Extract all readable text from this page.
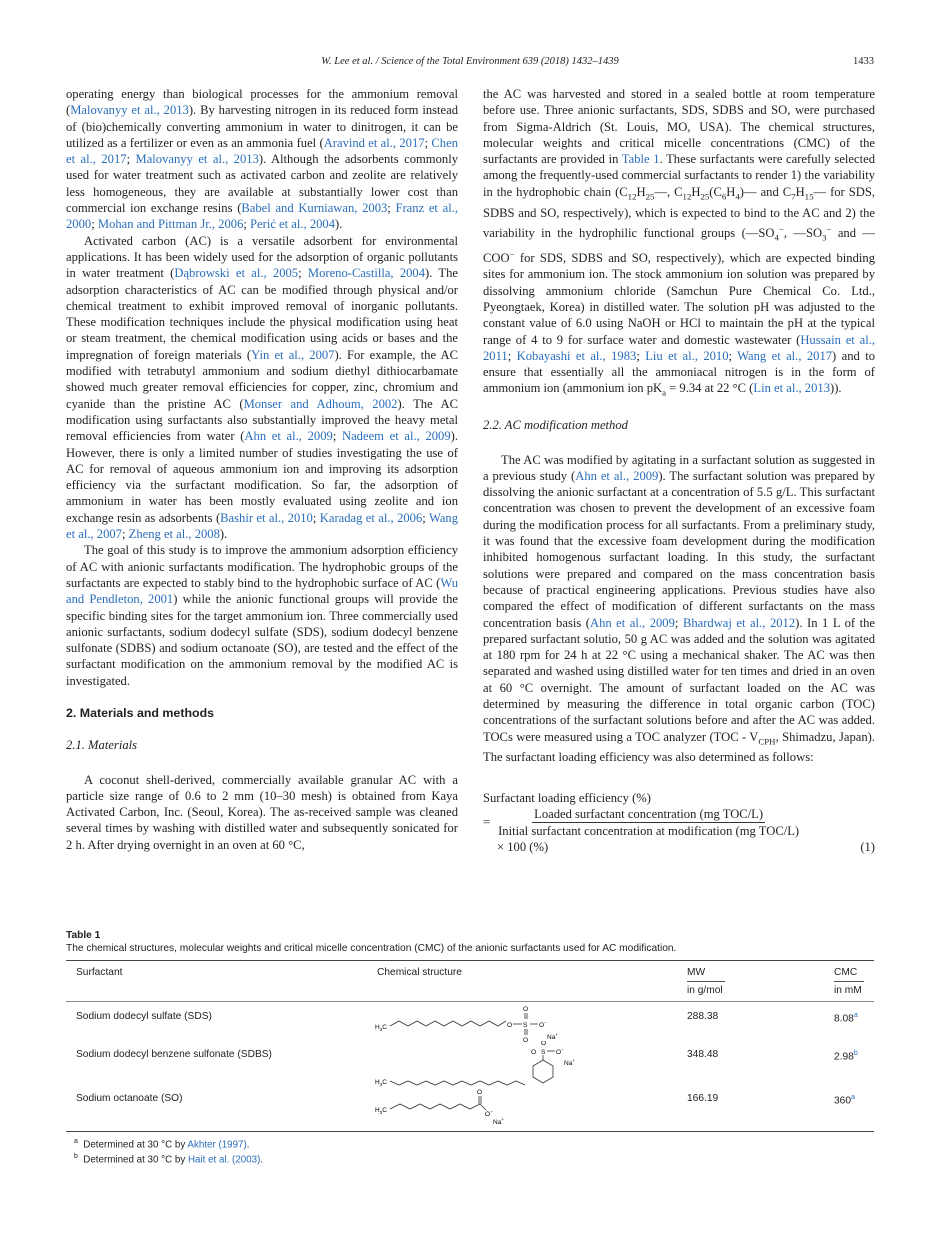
W. Lee et al. / Science of the Total Environment 639 (2018) 1432–1439	1433

operating energy than biological processes for the ammonium removal (Malovanyy et al., 2013). By harvesting nitrogen in its reduced form instead of (bio)chemically converting ammonium in water to dinitrogen, it can be utilized as a fertilizer or even as an ammonia fuel (Aravind et al., 2017; Chen et al., 2017; Malovanyy et al., 2013). Although the adsorbents commonly used for water treatment such as activated carbon and zeolite are relatively less homogeneous, they are available at substantially lower cost than commercial ion exchange resins (Babel and Kurniawan, 2003; Franz et al., 2000; Mohan and Pittman Jr., 2006; Perić et al., 2004).

Activated carbon (AC) is a versatile adsorbent for environmental applications. It has been widely used for the adsorption of organic pollutants in water treatment (Dąbrowski et al., 2005; Moreno-Castilla, 2004). The adsorption characteristics of AC can be modified through physical and/or chemical treatment to exhibit improved removal of inorganic pollutants. These modification techniques include the physical modification using heat or steam treatment, the chemical modification using acids or bases and the impregnation of foreign materials (Yin et al., 2007). For example, the AC modified with tetrabutyl ammonium and sodium diethyl dithiocarbamate showed much greater removal efficiencies for copper, zinc, chromium and cyanide than the pristine AC (Monser and Adhoum, 2002). The AC modification using surfactants also substantially improved the heavy metal removal efficiencies from water (Ahn et al., 2009; Nadeem et al., 2009). However, there is only a limited number of studies investigating the use of AC for removal of aqueous ammonium ion and improving its adsorption efficiency via the surfactant modification. So far, the adsorption of ammonium in water has been mostly evaluated using zeolite and ion exchange resin as adsorbents (Bashir et al., 2010; Karadag et al., 2006; Wang et al., 2007; Zheng et al., 2008).

The goal of this study is to improve the ammonium adsorption efficiency of AC with anionic surfactants modification. The hydrophobic groups of the surfactants are expected to stably bind to the hydrophobic surface of AC (Wu and Pendleton, 2001) while the anionic functional groups will provide the specific binding sites for the target ammonium ion. Three commercially used anionic surfactants, sodium dodecyl sulfate (SDS), sodium dodecyl benzene sulfonate (SDBS) and sodium octanoate (SO), are tested and the effect of the surfactant modification on the ammonium removal by the modified AC is investigated.

2. Materials and methods
2.1. Materials

A coconut shell-derived, commercially available granular AC with a particle size range of 0.6 to 2 mm (10–30 mesh) is obtained from Kaya Activated Carbon, Inc. (Seoul, Korea). The as-received sample was cleaned several times by washing with distilled water and subsequently sonicated for 2 h. After drying overnight in an oven at 60 °C,

the AC was harvested and stored in a sealed bottle at room temperature before use. Three anionic surfactants, SDS, SDBS and SO, were purchased from Sigma-Aldrich (St. Louis, MO, USA). The chemical structures, molecular weights and critical micelle concentrations (CMC) of the surfactants are provided in Table 1. These surfactants were carefully selected among the frequently-used commercial surfactants to render 1) the variability in the hydrophobic chain ($C_{12}H_{25}—$, $C_{12}H_{25}(C_6H_4)—$ and $C_7H_{15}—$ for SDS, SDBS and SO, respectively), which is expected to bind to the AC and 2) the variability in the hydrophilic functional groups ($—SO_4^-$, $—SO_3^-$ and —COO− for SDS, SDBS and SO, respectively), which are expected binding sites for ammonium ion. The stock ammonium ion solution was prepared by dissolving ammonium chloride (Samchun Pure Chemical Co. Ltd., Pyeongtaek, Korea) in distilled water. The solution pH was adjusted to the constant value of 6.0 using NaOH or HCl to maintain the pH at the typical range of 4 to 9 for surface water and domestic wastewater (Hussain et al., 2011; Kobayashi et al., 1983; Liu et al., 2010; Wang et al., 2017) and to ensure that essentially all the ammoniacal nitrogen is in the form of ammonium ion (ammonium ion $pK_a = 9.34$ at 22 °C (Lin et al., 2013)).

2.2. AC modification method

The AC was modified by agitating in a surfactant solution as suggested in a previous study (Ahn et al., 2009). The surfactant solution was prepared by dissolving the anionic surfactant at a concentration of 5.5 g/L. This surfactant concentration was chosen to prevent the development of an excessive foam during the modification process for all surfactants. From a preliminary study, it was found that the excessive foam development during the modification inhibited homogenous surfactant loading. In this study, the surfactant solutions were prepared and compared on the mass concentration basis because of practical engineering applications. Previous studies have also compared the effect of modification of different surfactants on the mass concentration basis (Ahn et al., 2009; Bhardwaj et al., 2012). In 1 L of the prepared surfactant solutio, 50 g AC was added and the solution was agitated at 180 rpm for 24 h at 22 °C using a mechanical shaker. The AC was then separated and washed using distilled water for ten times and dried in an oven at 60 °C overnight. The amount of surfactant loaded on the AC was determined by measuring the difference in total organic carbon (TOC) concentrations of the surfactant solutions before and after the AC was added. TOCs were measured using a TOC analyzer ($TOC - V_{CPH}$, Shimadzu, Japan). The surfactant loading efficiency was also determined as follows:

Surfactant loading efficiency (%)
= $\frac{\text{Loaded surfactant concentration (mg TOC/L)}}{\text{Initial surfactant concentration at modification (mg TOC/L)}}$
× 100 (%)	(1)
Table 1
The chemical structures, molecular weights and critical micelle concentration (CMC) of the anionic surfactants used for AC modification.
Surfactant	Chemical structure	MW	CMC
in g/mol	in mM
Sodium dodecyl sulfate (SDS)	288.38	8.08$^a$
$H_3C$	O S
O
O
O−
Na+
Sodium dodecyl benzene sulfonate (SDBS)	348.48	2.98$^b$
$H_3C$
S
O
O	O−
Na+
Sodium octanoate (SO)	166.19	360$^a$
$H_3C$
O
O−
Na+
$^a$ Determined at 30 °C by Akhter (1997).
$^b$ Determined at 30 °C by Hait et al. (2003).
